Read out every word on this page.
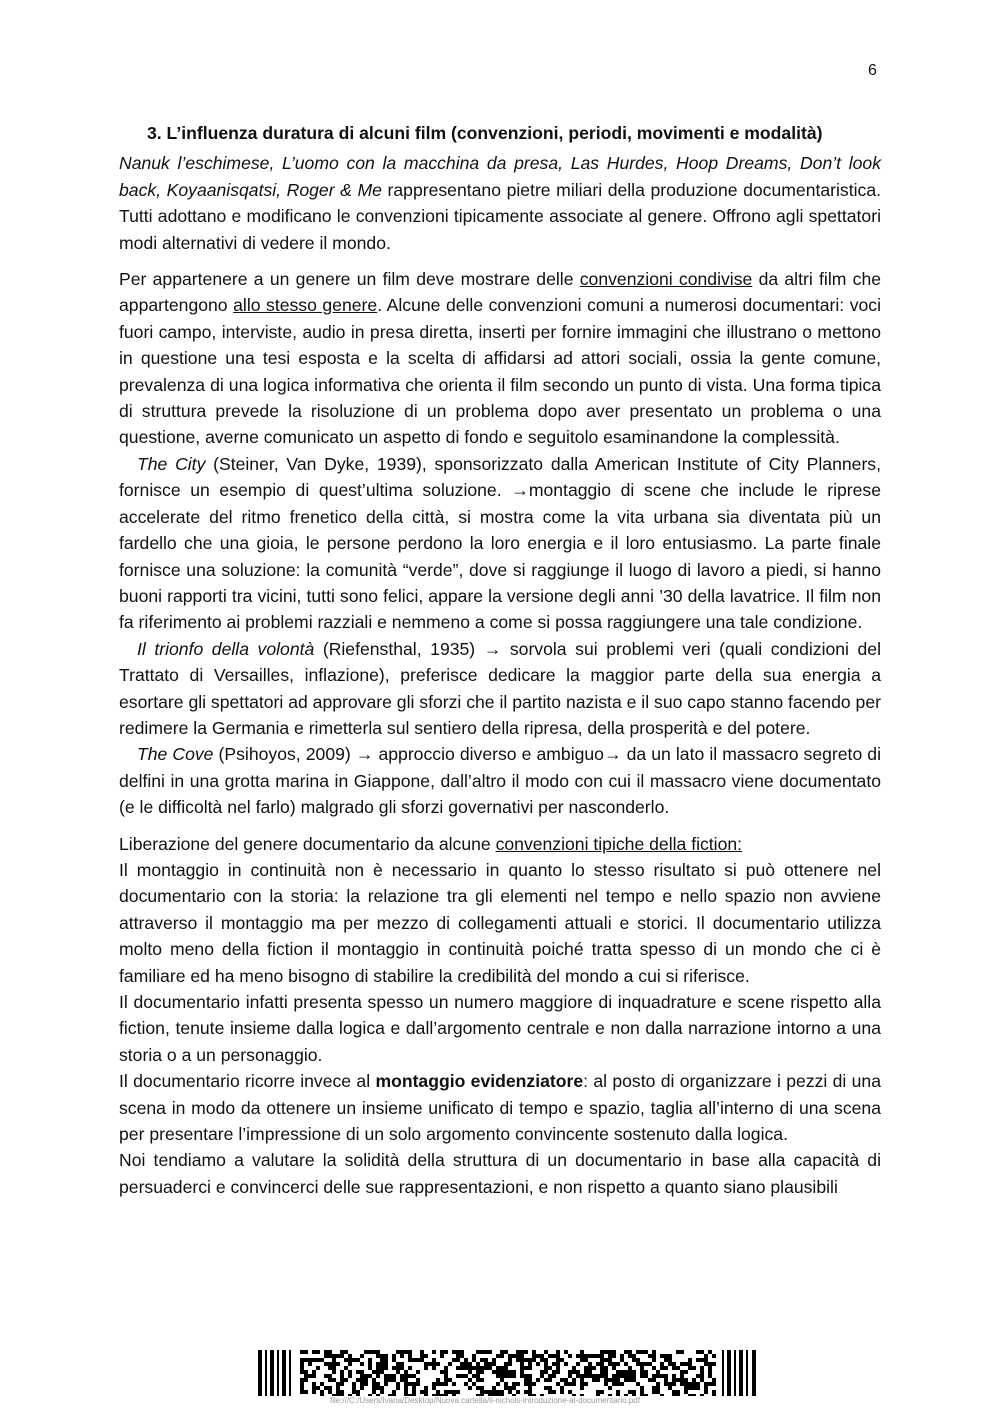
6

3. L’influenza duratura di alcuni film (convenzioni, periodi, movimenti e modalità)

Nanuk l’eschimese, L’uomo con la macchina da presa, Las Hurdes, Hoop Dreams, Don’t look back, Koyaanisqatsi, Roger & Me rappresentano pietre miliari della produzione documentaristica. Tutti adottano e modificano le convenzioni tipicamente associate al genere. Offrono agli spettatori modi alternativi di vedere il mondo.

Per appartenere a un genere un film deve mostrare delle convenzioni condivise da altri film che appartengono allo stesso genere. Alcune delle convenzioni comuni a numerosi documentari: voci fuori campo, interviste, audio in presa diretta, inserti per fornire immagini che illustrano o mettono in questione una tesi esposta e la scelta di affidarsi ad attori sociali, ossia la gente comune, prevalenza di una logica informativa che orienta il film secondo un punto di vista. Una forma tipica di struttura prevede la risoluzione di un problema dopo aver presentato un problema o una questione, averne comunicato un aspetto di fondo e seguitolo esaminandone la complessità.

The City (Steiner, Van Dyke, 1939), sponsorizzato dalla American Institute of City Planners, fornisce un esempio di quest’ultima soluzione. →montaggio di scene che include le riprese accelerate del ritmo frenetico della città, si mostra come la vita urbana sia diventata più un fardello che una gioia, le persone perdono la loro energia e il loro entusiasmo. La parte finale fornisce una soluzione: la comunità “verde”, dove si raggiunge il luogo di lavoro a piedi, si hanno buoni rapporti tra vicini, tutti sono felici, appare la versione degli anni ’30 della lavatrice. Il film non fa riferimento ai problemi razziali e nemmeno a come si possa raggiungere una tale condizione.

Il trionfo della volontà (Riefensthal, 1935) → sorvola sui problemi veri (quali condizioni del Trattato di Versailles, inflazione), preferisce dedicare la maggior parte della sua energia a esortare gli spettatori ad approvare gli sforzi che il partito nazista e il suo capo stanno facendo per redimere la Germania e rimetterla sul sentiero della ripresa, della prosperità e del potere.

The Cove (Psihoyos, 2009) → approccio diverso e ambiguo→ da un lato il massacro segreto di delfini in una grotta marina in Giappone, dall’altro il modo con cui il massacro viene documentato (e le difficoltà nel farlo) malgrado gli sforzi governativi per nasconderlo.

Liberazione del genere documentario da alcune convenzioni tipiche della fiction:

Il montaggio in continuità non è necessario in quanto lo stesso risultato si può ottenere nel documentario con la storia: la relazione tra gli elementi nel tempo e nello spazio non avviene attraverso il montaggio ma per mezzo di collegamenti attuali e storici. Il documentario utilizza molto meno della fiction il montaggio in continuità poiché tratta spesso di un mondo che ci è familiare ed ha meno bisogno di stabilire la credibilità del mondo a cui si riferisce.

Il documentario infatti presenta spesso un numero maggiore di inquadrature e scene rispetto alla fiction, tenute insieme dalla logica e dall’argomento centrale e non dalla narrazione intorno a una storia o a un personaggio.

Il documentario ricorre invece al montaggio evidenziatore: al posto di organizzare i pezzi di una scena in modo da ottenere un insieme unificato di tempo e spazio, taglia all’interno di una scena per presentare l’impressione di un solo argomento convincente sostenuto dalla logica.

Noi tendiamo a valutare la solidità della struttura di un documentario in base alla capacità di persuaderci e convincerci delle sue rappresentazioni, e non rispetto a quanto siano plausibili

file:///C:/Users/Ivana/Desktop/Nuova cartella/il-nichols-introduzione-al-documentario.pdf
